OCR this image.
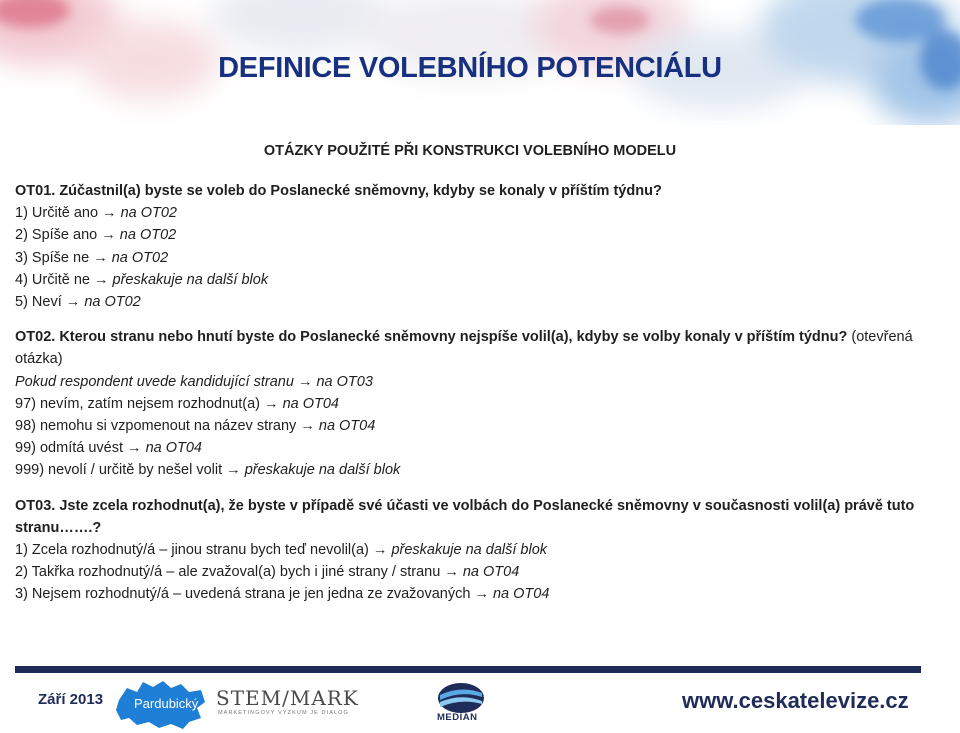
DEFINICE VOLEBNÍHO POTENCIÁLU
OTÁZKY POUŽITÉ PŘI KONSTRUKCI VOLEBNÍHO MODELU
OT01. Zúčastnil(a) byste se voleb do Poslanecké sněmovny, kdyby se konaly v příštím týdnu?
1) Určitě ano → na OT02
2) Spíše ano → na OT02
3) Spíše ne → na OT02
4) Určitě ne → přeskakuje na další blok
5) Neví → na OT02
OT02. Kterou stranu nebo hnutí byste do Poslanecké sněmovny nejspíše volil(a), kdyby se volby konaly v příštím týdnu? (otevřená
otázka)
Pokud respondent uvede kandidující stranu → na OT03
97) nevím, zatím nejsem rozhodnut(a) → na OT04
98) nemohu si vzpomenout na název strany → na OT04
99) odmítá uvést → na OT04
999) nevolí / určitě by nešel volit → přeskakuje na další blok
OT03. Jste zcela rozhodnut(a), že byste v případě své účasti ve volbách do Poslanecké sněmovny v současnosti volil(a) právě tuto
stranu…….?
1) Zcela rozhodnutý/á – jinou stranu bych teď nevolil(a) → přeskakuje na další blok
2) Takřka rozhodnutý/á – ale zvažoval(a) bych i jiné strany / stranu → na OT04
3) Nejsem rozhodnutý/á – uvedená strana je jen jedna ze zvažovaných → na OT04
Září 2013 Pardubický STEM/MARK
MARKETINGOVÝ VÝZKUM JE DIALOG	MEDIAN
www.ceskatelevize.cz
